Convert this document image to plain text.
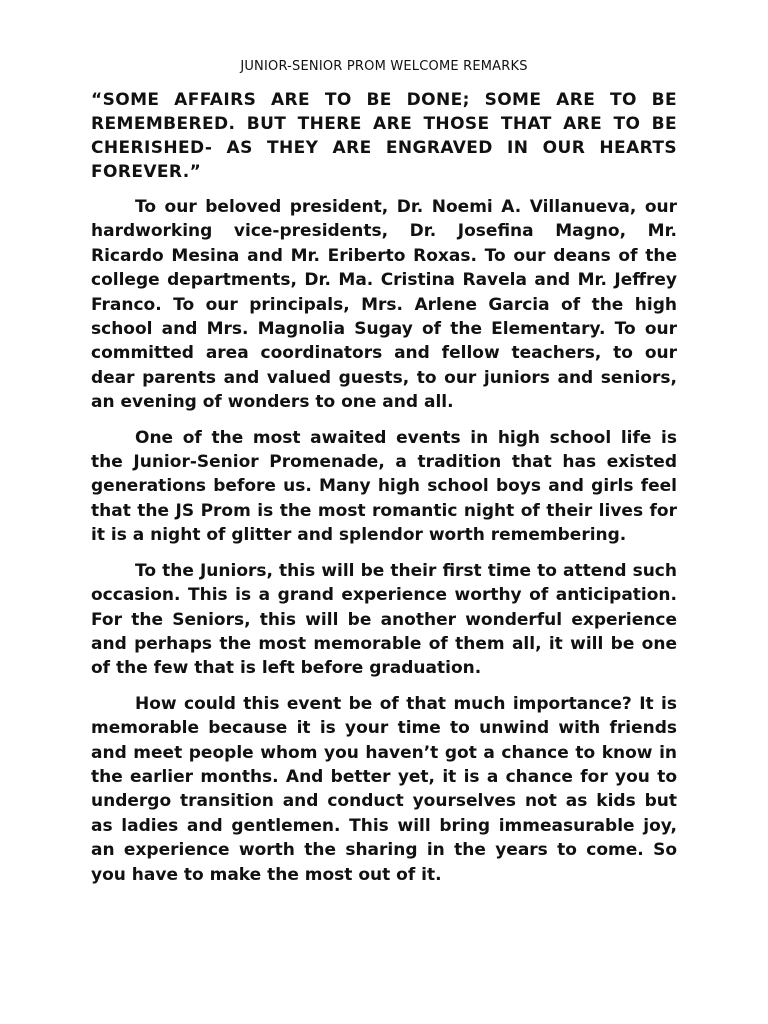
JUNIOR-SENIOR PROM WELCOME REMARKS

“SOME AFFAIRS ARE TO BE DONE; SOME ARE TO BE REMEMBERED. BUT THERE ARE THOSE THAT ARE TO BE CHERISHED- AS THEY ARE ENGRAVED IN OUR HEARTS FOREVER.”

To our beloved president, Dr. Noemi A. Villanueva, our hardworking vice-presidents, Dr. Josefina Magno, Mr. Ricardo Mesina and Mr. Eriberto Roxas. To our deans of the college departments, Dr. Ma. Cristina Ravela and Mr. Jeffrey Franco. To our principals, Mrs. Arlene Garcia of the high school and Mrs. Magnolia Sugay of the Elementary. To our committed area coordinators and fellow teachers, to our dear parents and valued guests, to our juniors and seniors, an evening of wonders to one and all.

One of the most awaited events in high school life is the Junior-Senior Promenade, a tradition that has existed generations before us. Many high school boys and girls feel that the JS Prom is the most romantic night of their lives for it is a night of glitter and splendor worth remembering.

To the Juniors, this will be their first time to attend such occasion. This is a grand experience worthy of anticipation. For the Seniors, this will be another wonderful experience and perhaps the most memorable of them all, it will be one of the few that is left before graduation.

How could this event be of that much importance? It is memorable because it is your time to unwind with friends and meet people whom you haven’t got a chance to know in the earlier months. And better yet, it is a chance for you to undergo transition and conduct yourselves not as kids but as ladies and gentlemen. This will bring immeasurable joy, an experience worth the sharing in the years to come. So you have to make the most out of it.
